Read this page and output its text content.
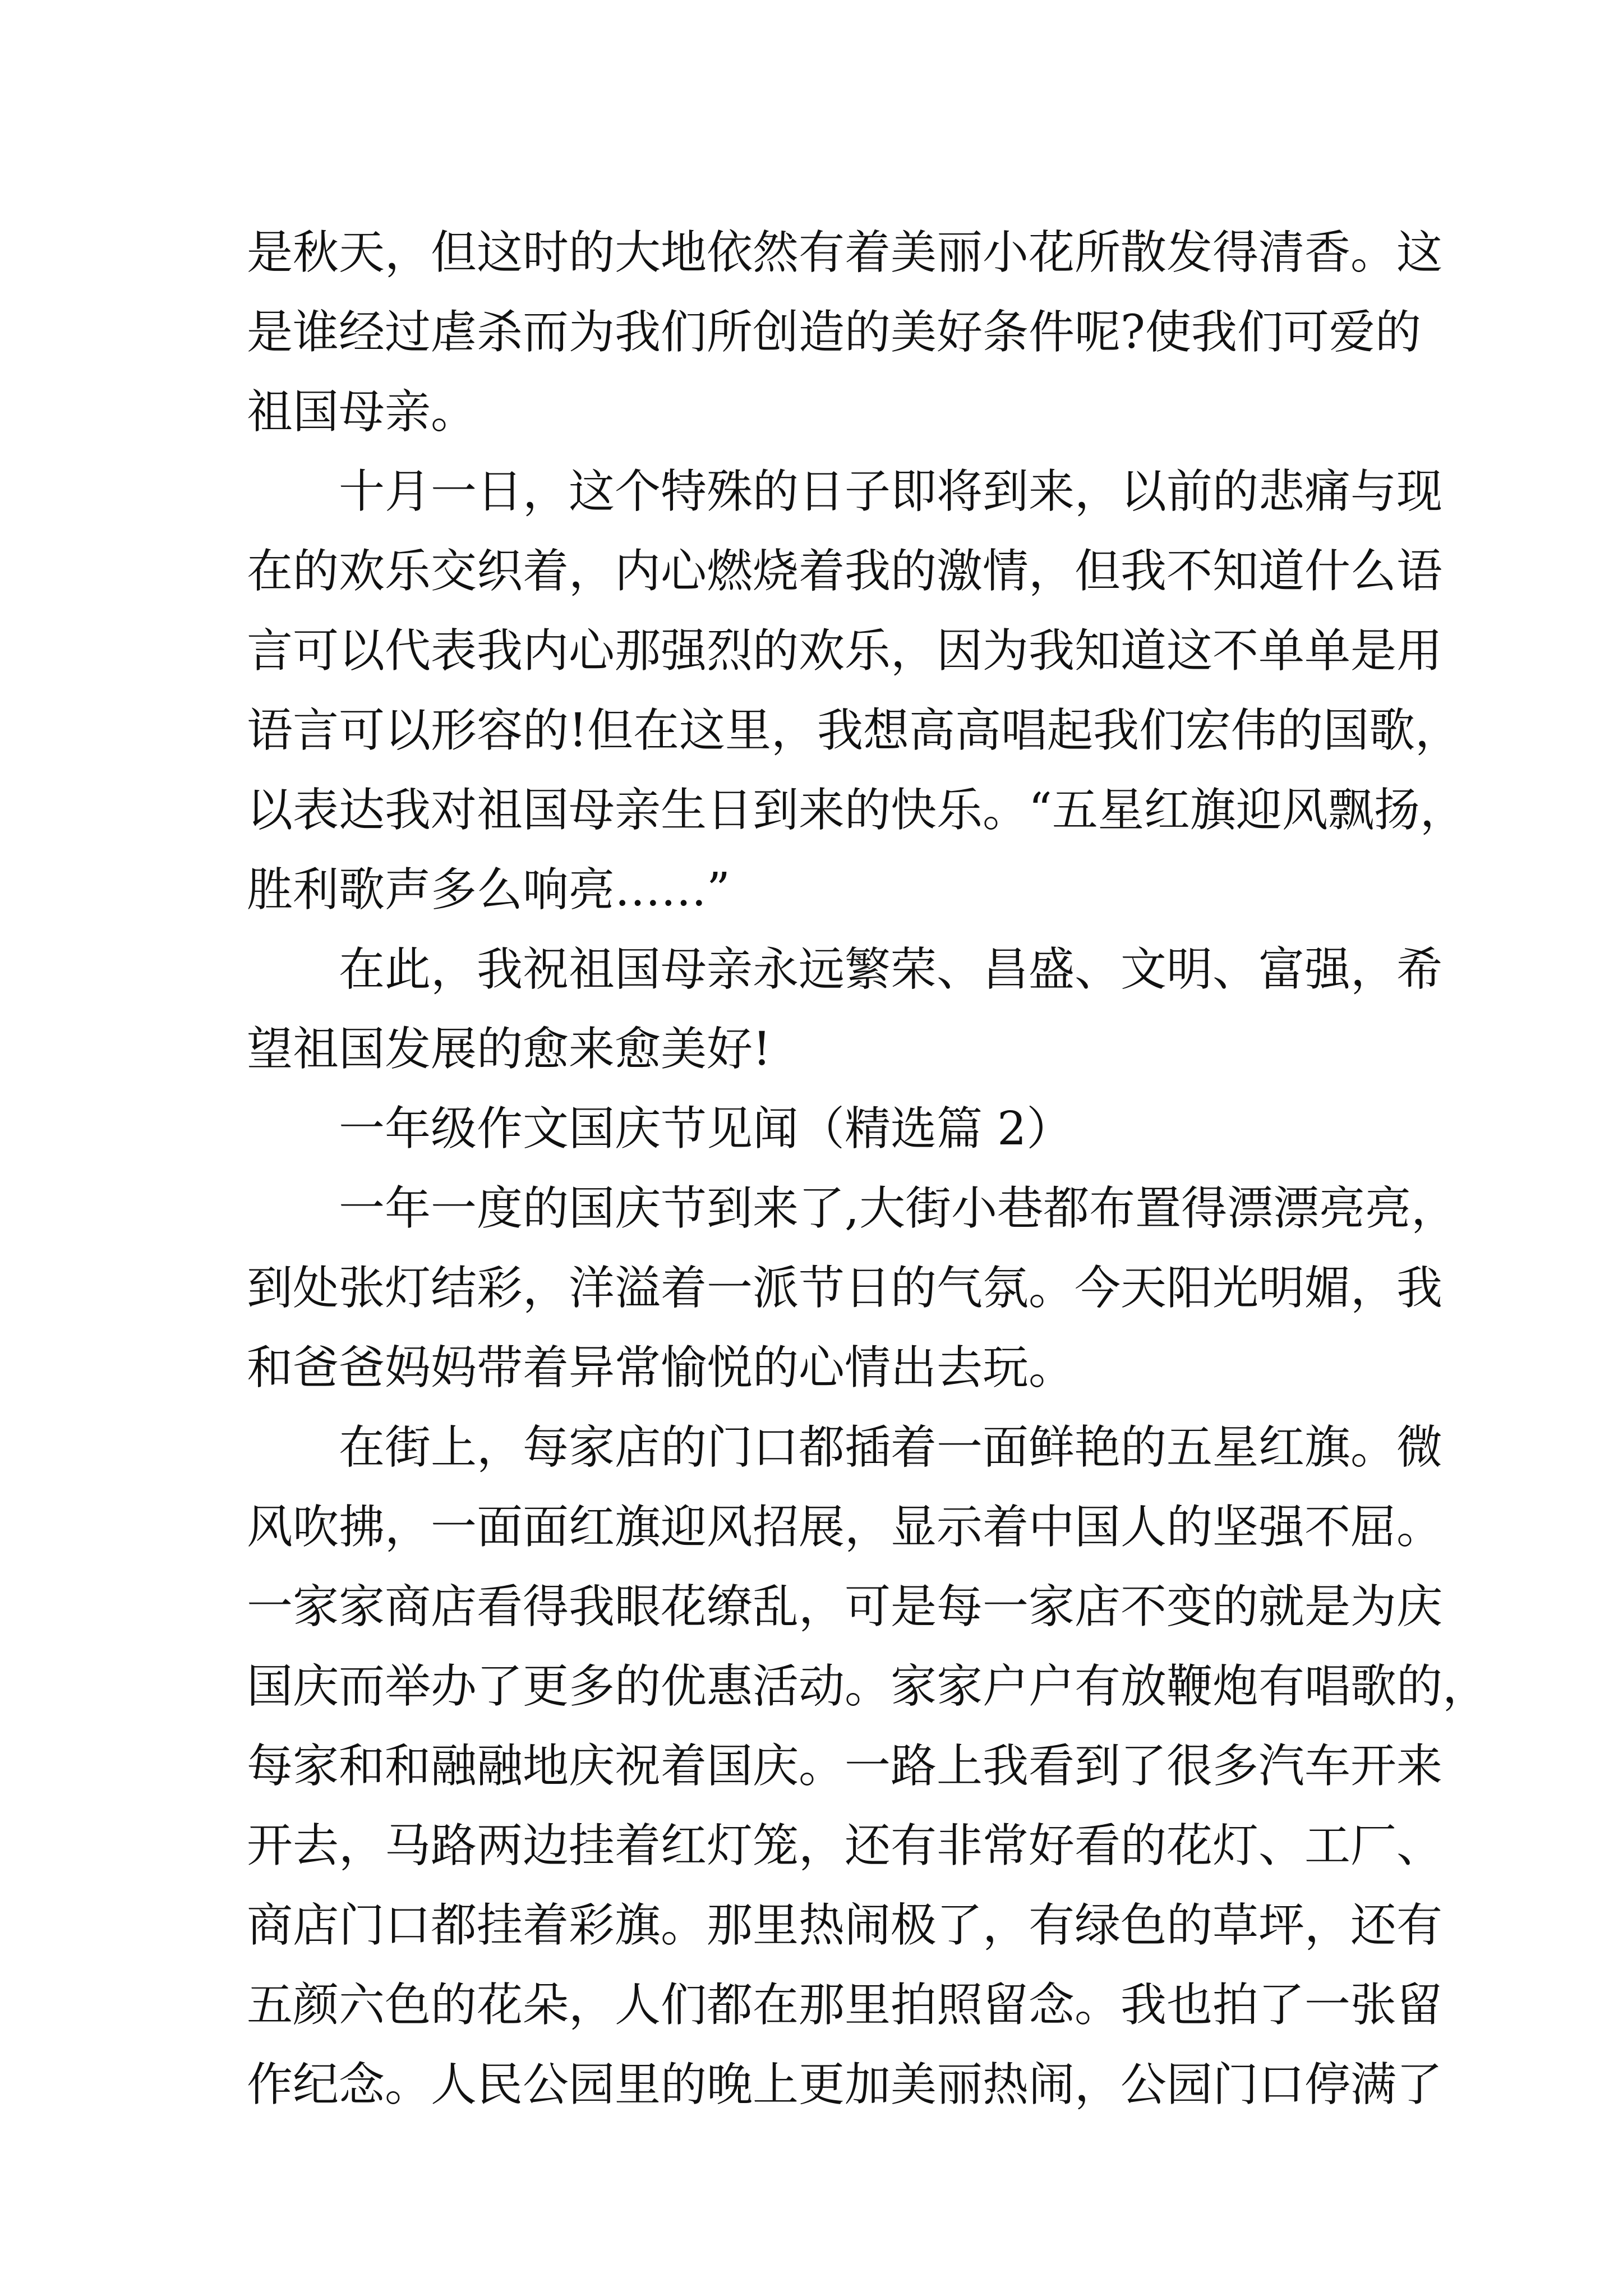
是秋天，但这时的大地依然有着美丽小花所散发得清香。这
是谁经过虐杀而为我们所创造的美好条件呢?使我们可爱的
祖国母亲。
十月一日，这个特殊的日子即将到来，以前的悲痛与现
在的欢乐交织着，内心燃烧着我的激情，但我不知道什么语
言可以代表我内心那强烈的欢乐，因为我知道这不单单是用
语言可以形容的!但在这里，我想高高唱起我们宏伟的国歌，
以表达我对祖国母亲生日到来的快乐。“五星红旗迎风飘扬，
胜利歌声多么响亮……”
在此，我祝祖国母亲永远繁荣、昌盛、文明、富强，希
望祖国发展的愈来愈美好!
一年级作文国庆节见闻（精选篇 2）
一年一度的国庆节到来了,大街小巷都布置得漂漂亮亮，
到处张灯结彩，洋溢着一派节日的气氛。今天阳光明媚，我
和爸爸妈妈带着异常愉悦的心情出去玩。
在街上，每家店的门口都插着一面鲜艳的五星红旗。微
风吹拂，一面面红旗迎风招展，显示着中国人的坚强不屈。
一家家商店看得我眼花缭乱，可是每一家店不变的就是为庆
国庆而举办了更多的优惠活动。家家户户有放鞭炮有唱歌的，
每家和和融融地庆祝着国庆。一路上我看到了很多汽车开来
开去，马路两边挂着红灯笼，还有非常好看的花灯、工厂、
商店门口都挂着彩旗。那里热闹极了，有绿色的草坪，还有
五颜六色的花朵，人们都在那里拍照留念。我也拍了一张留
作纪念。人民公园里的晚上更加美丽热闹，公园门口停满了
